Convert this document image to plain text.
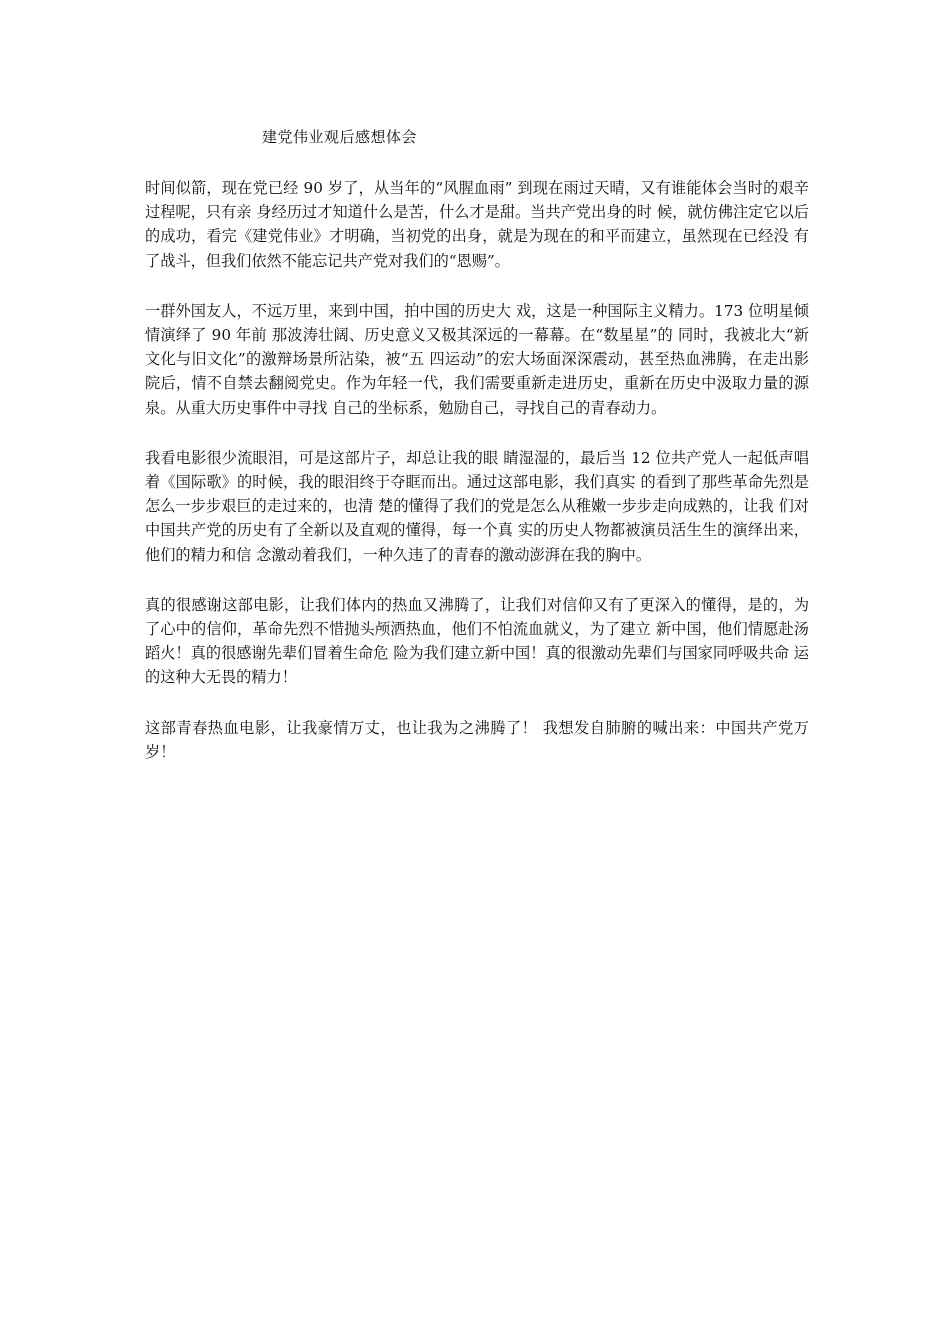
建党伟业观后感想体会

时间似箭，现在党已经 90 岁了，从当年的“风腥血雨” 到现在雨过天晴，又有谁能体会当时的艰辛过程呢，只有亲 身经历过才知道什么是苦，什么才是甜。当共产党出身的时 候，就仿佛注定它以后的成功，看完《建党伟业》才明确，当初党的出身，就是为现在的和平而建立，虽然现在已经没 有了战斗，但我们依然不能忘记共产党对我们的“恩赐”。

一群外国友人，不远万里，来到中国，拍中国的历史大 戏，这是一种国际主义精力。173 位明星倾情演绎了 90 年前 那波涛壮阔、历史意义又极其深远的一幕幕。在“数星星”的 同时，我被北大“新文化与旧文化”的激辩场景所沾染，被“五 四运动”的宏大场面深深震动，甚至热血沸腾，在走出影院后，情不自禁去翻阅党史。作为年轻一代，我们需要重新走进历史，重新在历史中汲取力量的源泉。从重大历史事件中寻找 自己的坐标系，勉励自己，寻找自己的青春动力。

我看电影很少流眼泪，可是这部片子，却总让我的眼 睛湿湿的，最后当 12 位共产党人一起低声唱着《国际歌》的时候，我的眼泪终于夺眶而出。通过这部电影，我们真实 的看到了那些革命先烈是怎么一步步艰巨的走过来的，也清 楚的懂得了我们的党是怎么从稚嫩一步步走向成熟的，让我 们对中国共产党的历史有了全新以及直观的懂得，每一个真 实的历史人物都被演员活生生的演绎出来，他们的精力和信 念激动着我们，一种久违了的青春的激动澎湃在我的胸中。

真的很感谢这部电影，让我们体内的热血又沸腾了，让我们对信仰又有了更深入的懂得，是的，为了心中的信仰，革命先烈不惜抛头颅洒热血，他们不怕流血就义，为了建立 新中国，他们情愿赴汤蹈火！真的很感谢先辈们冒着生命危 险为我们建立新中国！真的很激动先辈们与国家同呼吸共命 运的这种大无畏的精力！

这部青春热血电影，让我豪情万丈，也让我为之沸腾了！ 我想发自肺腑的喊出来：中国共产党万岁！
